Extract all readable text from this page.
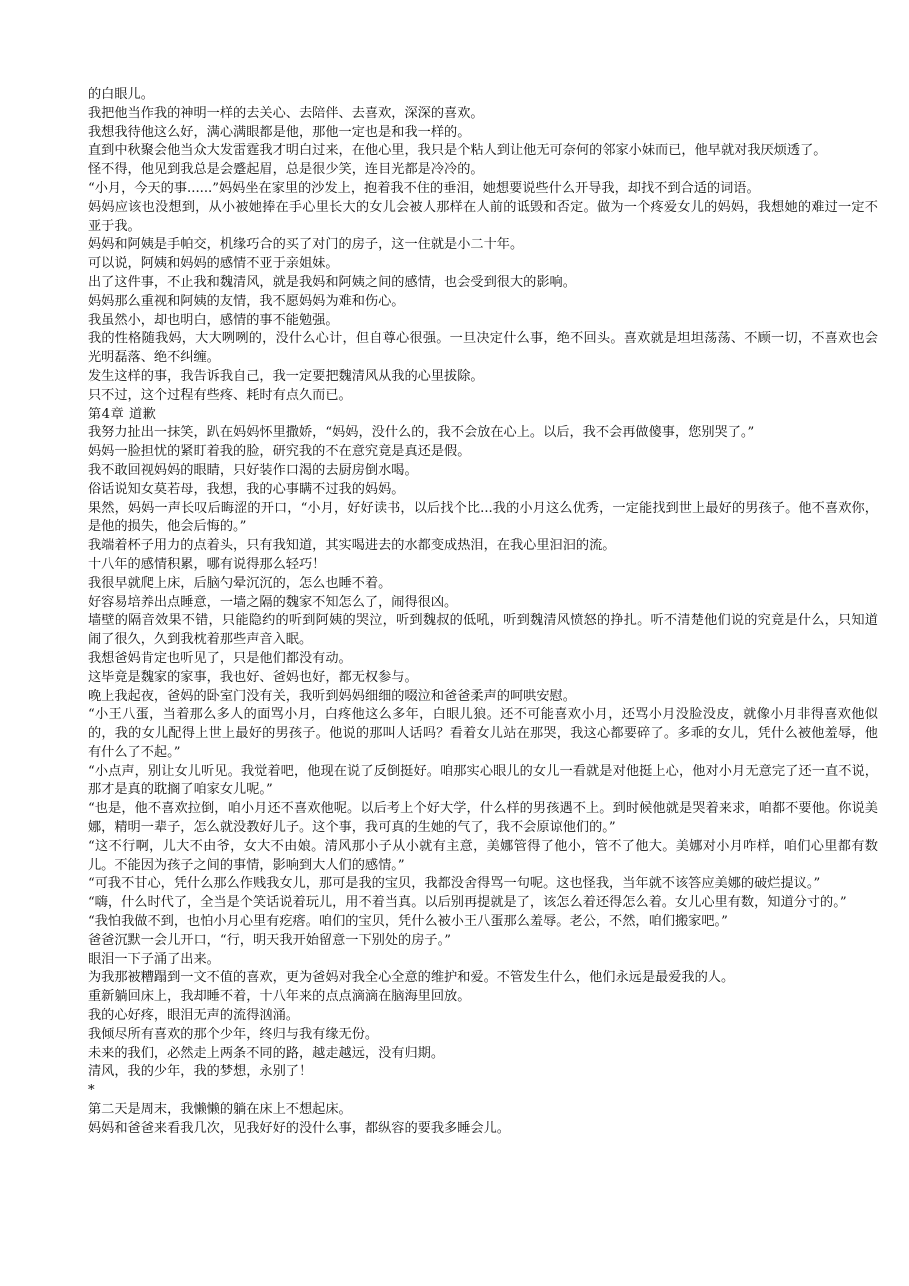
的白眼儿。

我把他当作我的神明一样的去关心、去陪伴、去喜欢，深深的喜欢。

我想我待他这么好，满心满眼都是他，那他一定也是和我一样的。

直到中秋聚会他当众大发雷霆我才明白过来，在他心里，我只是个粘人到让他无可奈何的邻家小妹而已，他早就对我厌烦透了。

怪不得，他见到我总是会蹙起眉，总是很少笑，连目光都是冷冷的。

“小月，今天的事......”妈妈坐在家里的沙发上，抱着我不住的垂泪，她想要说些什么开导我，却找不到合适的词语。

妈妈应该也没想到，从小被她捧在手心里长大的女儿会被人那样在人前的诋毁和否定。做为一个疼爱女儿的妈妈，我想她的难过一定不亚于我。

妈妈和阿姨是手帕交，机缘巧合的买了对门的房子，这一住就是小二十年。

可以说，阿姨和妈妈的感情不亚于亲姐妹。

出了这件事，不止我和魏清风，就是我妈和阿姨之间的感情，也会受到很大的影响。

妈妈那么重视和阿姨的友情，我不愿妈妈为难和伤心。

我虽然小，却也明白，感情的事不能勉强。

我的性格随我妈，大大咧咧的，没什么心计，但自尊心很强。一旦决定什么事，绝不回头。喜欢就是坦坦荡荡、不顾一切，不喜欢也会光明磊落、绝不纠缠。

发生这样的事，我告诉我自己，我一定要把魏清风从我的心里拔除。

只不过，这个过程有些疼、耗时有点久而已。

第4章 道歉

我努力扯出一抹笑，趴在妈妈怀里撒娇，“妈妈，没什么的，我不会放在心上。以后，我不会再做傻事，您别哭了。”

妈妈一脸担忧的紧盯着我的脸，研究我的不在意究竟是真还是假。

我不敢回视妈妈的眼睛，只好装作口渴的去厨房倒水喝。

俗话说知女莫若母，我想，我的心事瞒不过我的妈妈。

果然，妈妈一声长叹后晦涩的开口，“小月，好好读书，以后找个比...我的小月这么优秀，一定能找到世上最好的男孩子。他不喜欢你，是他的损失，他会后悔的。”

我端着杯子用力的点着头，只有我知道，其实喝进去的水都变成热泪，在我心里汩汩的流。

十八年的感情积累，哪有说得那么轻巧！

我很早就爬上床，后脑勺晕沉沉的，怎么也睡不着。

好容易培养出点睡意，一墙之隔的魏家不知怎么了，闹得很凶。

墙壁的隔音效果不错，只能隐约的听到阿姨的哭泣，听到魏叔的低吼，听到魏清风愤怒的挣扎。听不清楚他们说的究竟是什么，只知道闹了很久，久到我枕着那些声音入眠。

我想爸妈肯定也听见了，只是他们都没有动。

这毕竟是魏家的家事，我也好、爸妈也好，都无权参与。

晚上我起夜，爸妈的卧室门没有关，我听到妈妈细细的啜泣和爸爸柔声的呵哄安慰。

“小王八蛋，当着那么多人的面骂小月，白疼他这么多年，白眼儿狼。还不可能喜欢小月，还骂小月没脸没皮，就像小月非得喜欢他似的，我的女儿配得上世上最好的男孩子。他说的那叫人话吗？看着女儿站在那哭，我这心都要碎了。多乖的女儿，凭什么被他羞辱，他有什么了不起。”

“小点声，别让女儿听见。我觉着吧，他现在说了反倒挺好。咱那实心眼儿的女儿一看就是对他挺上心，他对小月无意完了还一直不说，那才是真的耽搁了咱家女儿呢。”

“也是，他不喜欢拉倒，咱小月还不喜欢他呢。以后考上个好大学，什么样的男孩遇不上。到时候他就是哭着来求，咱都不要他。你说美娜，精明一辈子，怎么就没教好儿子。这个事，我可真的生她的气了，我不会原谅他们的。”

“这不行啊，儿大不由爷，女大不由娘。清风那小子从小就有主意，美娜管得了他小，管不了他大。美娜对小月咋样，咱们心里都有数儿。不能因为孩子之间的事情，影响到大人们的感情。”

“可我不甘心，凭什么那么作贱我女儿，那可是我的宝贝，我都没舍得骂一句呢。这也怪我，当年就不该答应美娜的破烂提议。”

“嗨，什么时代了，全当是个笑话说着玩儿，用不着当真。以后别再提就是了，该怎么着还得怎么着。女儿心里有数，知道分寸的。”

“我怕我做不到，也怕小月心里有疙瘩。咱们的宝贝，凭什么被小王八蛋那么羞辱。老公，不然，咱们搬家吧。”

爸爸沉默一会儿开口，“行，明天我开始留意一下别处的房子。”

眼泪一下子涌了出来。

为我那被糟蹋到一文不值的喜欢，更为爸妈对我全心全意的维护和爱。不管发生什么，他们永远是最爱我的人。

重新躺回床上，我却睡不着，十八年来的点点滴滴在脑海里回放。

我的心好疼，眼泪无声的流得汹涌。

我倾尽所有喜欢的那个少年，终归与我有缘无份。

未来的我们，必然走上两条不同的路，越走越远，没有归期。

清风，我的少年，我的梦想，永别了！

*

第二天是周末，我懒懒的躺在床上不想起床。

妈妈和爸爸来看我几次，见我好好的没什么事，都纵容的要我多睡会儿。
